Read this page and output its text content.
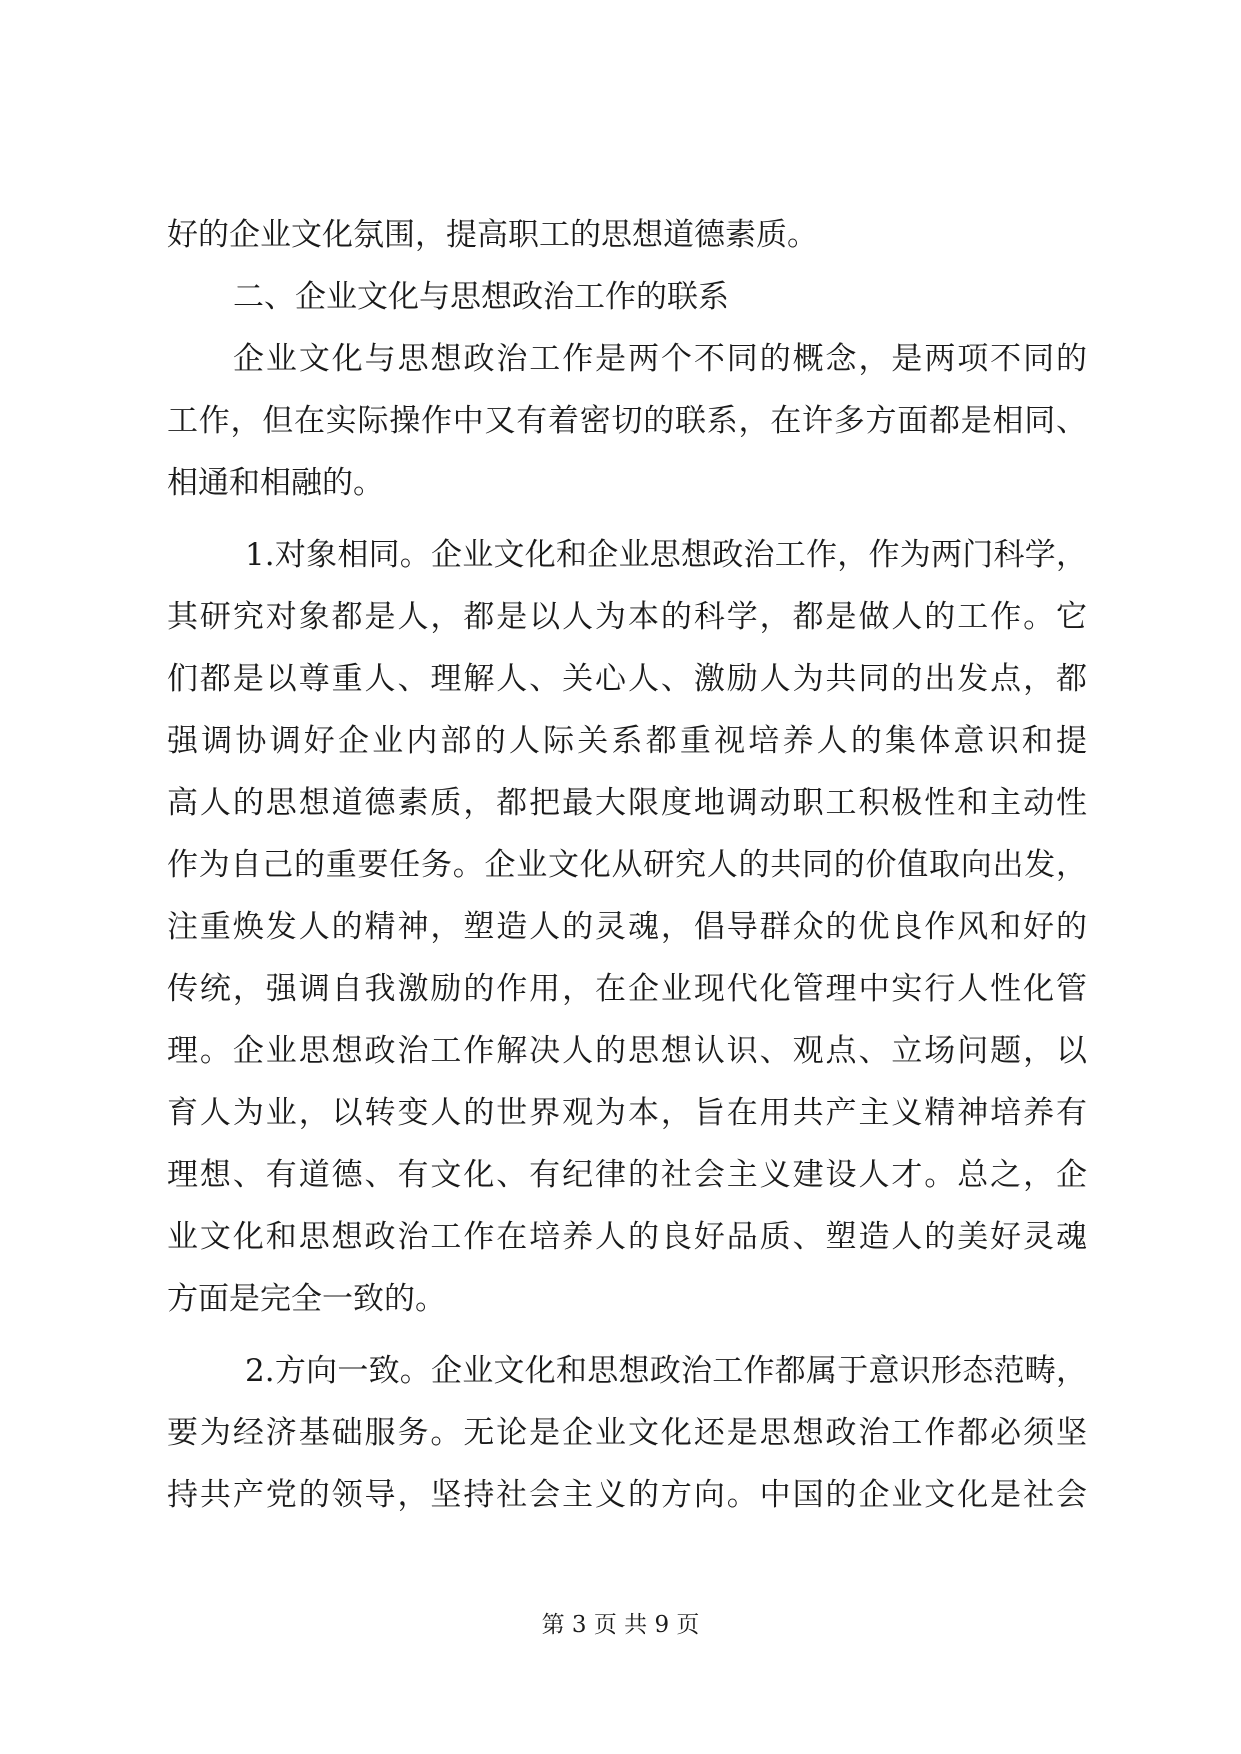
好的企业文化氛围，提高职工的思想道德素质。
二、企业文化与思想政治工作的联系
企业文化与思想政治工作是两个不同的概念，是两项不同的
工作，但在实际操作中又有着密切的联系，在许多方面都是相同、
相通和相融的。
1.对象相同。企业文化和企业思想政治工作，作为两门科学，
其研究对象都是人，都是以人为本的科学，都是做人的工作。它
们都是以尊重人、理解人、关心人、激励人为共同的出发点，都
强调协调好企业内部的人际关系都重视培养人的集体意识和提
高人的思想道德素质，都把最大限度地调动职工积极性和主动性
作为自己的重要任务。企业文化从研究人的共同的价值取向出发，
注重焕发人的精神，塑造人的灵魂，倡导群众的优良作风和好的
传统，强调自我激励的作用，在企业现代化管理中实行人性化管
理。企业思想政治工作解决人的思想认识、观点、立场问题，以
育人为业，以转变人的世界观为本，旨在用共产主义精神培养有
理想、有道德、有文化、有纪律的社会主义建设人才。总之，企
业文化和思想政治工作在培养人的良好品质、塑造人的美好灵魂
方面是完全一致的。
2.方向一致。企业文化和思想政治工作都属于意识形态范畴，
要为经济基础服务。无论是企业文化还是思想政治工作都必须坚
持共产党的领导，坚持社会主义的方向。中国的企业文化是社会
第 3 页 共 9 页
